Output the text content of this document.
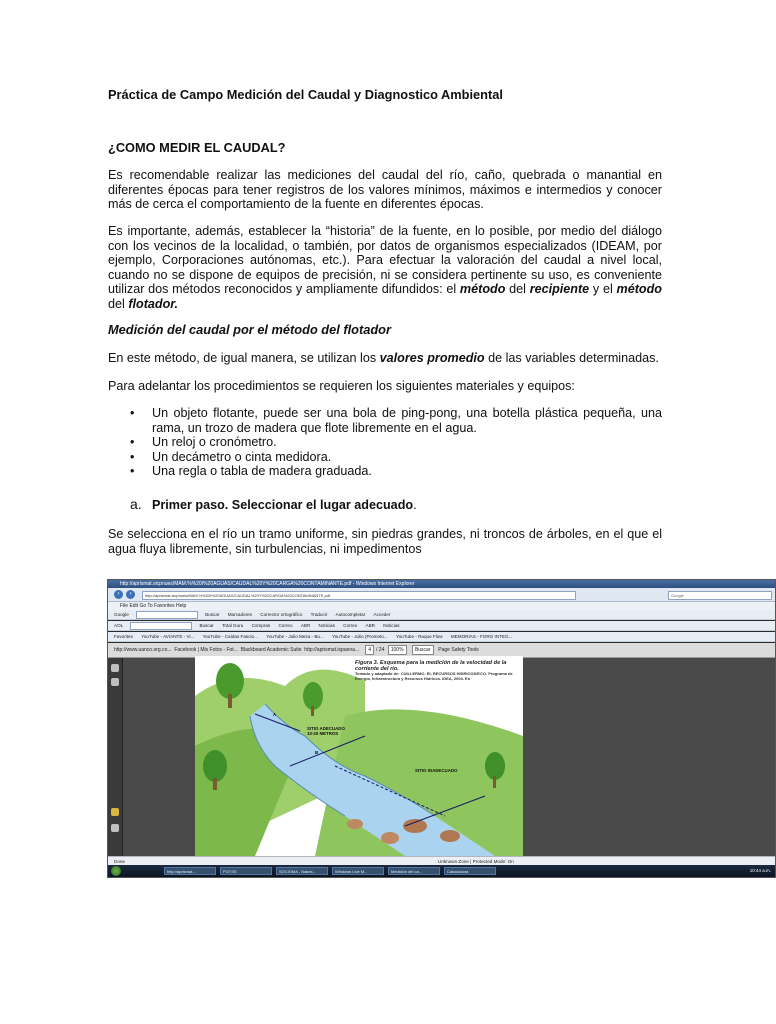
Práctica de Campo Medición del Caudal y Diagnostico Ambiental
¿COMO MEDIR EL CAUDAL?
Es recomendable realizar las mediciones del caudal del río, caño, quebrada o manantial en diferentes épocas para tener registros de los valores mínimos, máximos e intermedios y conocer más de cerca el comportamiento de la fuente en diferentes épocas.
Es importante, además, establecer la “historia” de la fuente, en lo posible, por medio del diálogo con los vecinos de la localidad, o también, por datos de organismos especializados (IDEAM, por ejemplo, Corporaciones autónomas, etc.). Para efectuar la valoración del caudal a nivel local, cuando no se dispone de equipos de precisión, ni se considera pertinente su uso, es conveniente utilizar dos métodos reconocidos y ampliamente difundidos: el método del recipiente y el método del flotador.
Medición del caudal por el método del flotador
En este método, de igual manera, se utilizan los valores promedio de las variables determinadas.
Para adelantar los procedimientos se requieren los siguientes materiales y equipos:
• Un objeto flotante, puede ser una bola de ping-pong, una botella plástica pequeña, una rama, un trozo de madera que flote libremente en el agua.
• Un reloj o cronómetro.
• Un decámetro o cinta medidora.
• Una regla o tabla de madera graduada.
a. Primer paso. Seleccionar el lugar adecuado.
Se selecciona en el río un tramo uniforme, sin piedras grandes, ni troncos de árboles, en el que el agua fluya libremente, sin turbulencias, ni impedimentos
http://aprismat.sicpnues/MAM.%%20I%20AGUAS/CAUDAL%20Y%20CARGA%20CONTAMINANTE.pdf - Windows Internet Explorer
‹	›	http://aprismat.sicpnues/MAM.%%20I%20AGUAS/CAUDAL%20Y%20CARGA%20CONTAMINANTE.pdf	Google
File Edit Go To Favorites Help
Google	Buscar Marcadores Corrector ortográfico Traducir Autocompletar Acceder
AOL	Buscar Total Guru Compras Correo ABR Noticias Correo ABR Noticias
Favorites YouTube - AVIANTE - Vi... YouTube - Caídas Fascio... YouTube - Julio Meza - Bu... YouTube - Julio (Prometo... YouTube - Raque Flow MEMORIAS - FORO INTEG...
http://www.uanco.org.co... Facebook | Mis Fotos - Fot... Blackboard Academic Suite http://aprismat.ispuena... 4 / 24 100% Buscar Page Safety Tools
Figura 3. Esquema para la medición de la velocidad de la corriente del río.
Tomado y adaptado de: CUILLERMO. EL RECURSOS HIDRICOS/ECO. Programa de Energía, Infraestructura y Recursos Hídricos. IDEA, 2004. En
SITIO ADECUADO
10-20 METROS
SITIO INADECUADO
A
B
Done	Unknown Zone | Protected Mode: On
http://aprismat...	POTSS	SOCIOMA - Nakes...	Windows Live M...	Medición del ca...	Calculadora	10:44 a.m.
